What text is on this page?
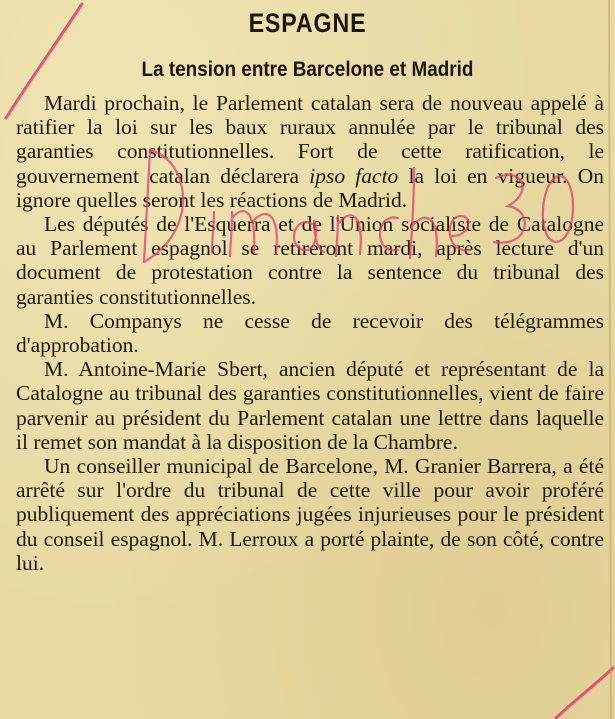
ESPAGNE
La tension entre Barcelone et Madrid

Mardi prochain, le Parlement catalan sera de nouveau appelé à ratifier la loi sur les baux ruraux annulée par le tribunal des garanties constitutionnelles. Fort de cette ratification, le gouvernement catalan déclarera ipso facto la loi en vigueur. On ignore quelles seront les réactions de Madrid.

Les députés de l'Esquerra et de l'Union socialiste de Catalogne au Parlement espagnol se retireront mardi, après lecture d'un document de protestation contre la sentence du tribunal des garanties constitutionnelles.

M. Companys ne cesse de recevoir des télégrammes d'approbation.

M. Antoine-Marie Sbert, ancien député et représentant de la Catalogne au tribunal des garanties constitutionnelles, vient de faire parvenir au président du Parlement catalan une lettre dans laquelle il remet son mandat à la disposition de la Chambre.

Un conseiller municipal de Barcelone, M. Granier Barrera, a été arrêté sur l'ordre du tribunal de cette ville pour avoir proféré publiquement des appréciations jugées injurieuses pour le président du conseil espagnol. M. Lerroux a porté plainte, de son côté, contre lui.
